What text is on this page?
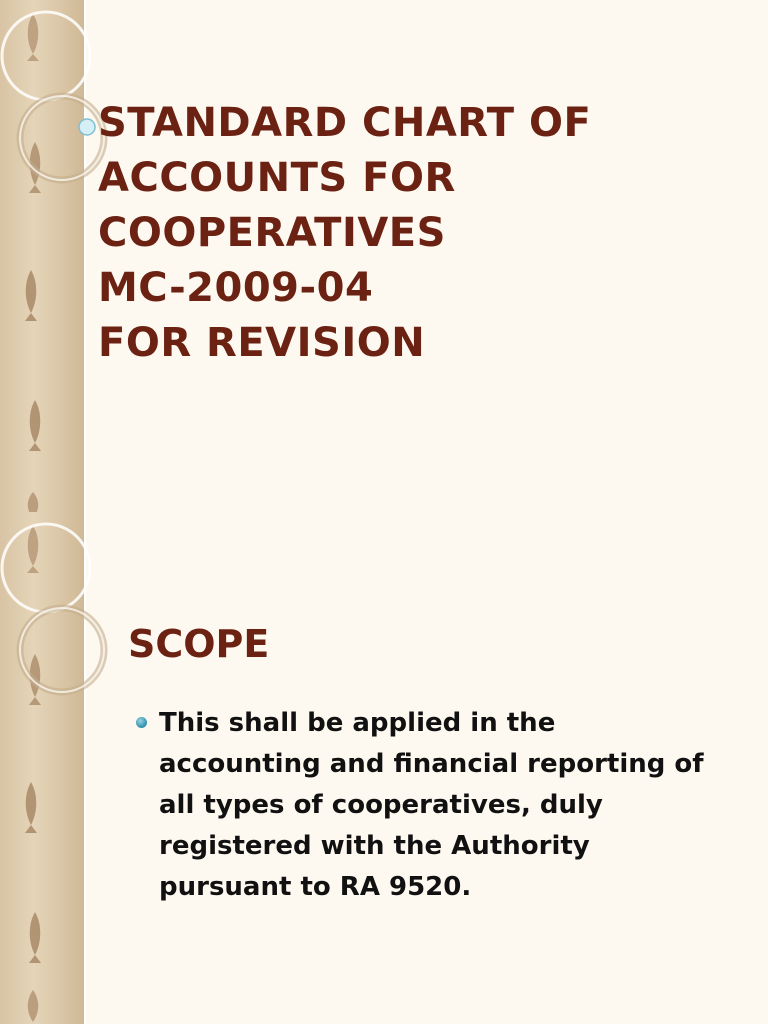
STANDARD CHART OF
ACCOUNTS FOR
COOPERATIVES
MC-2009-04
FOR REVISION
SCOPE
This shall be applied in the
accounting and financial reporting of
all types of cooperatives, duly
registered with the Authority
pursuant to RA 9520.
